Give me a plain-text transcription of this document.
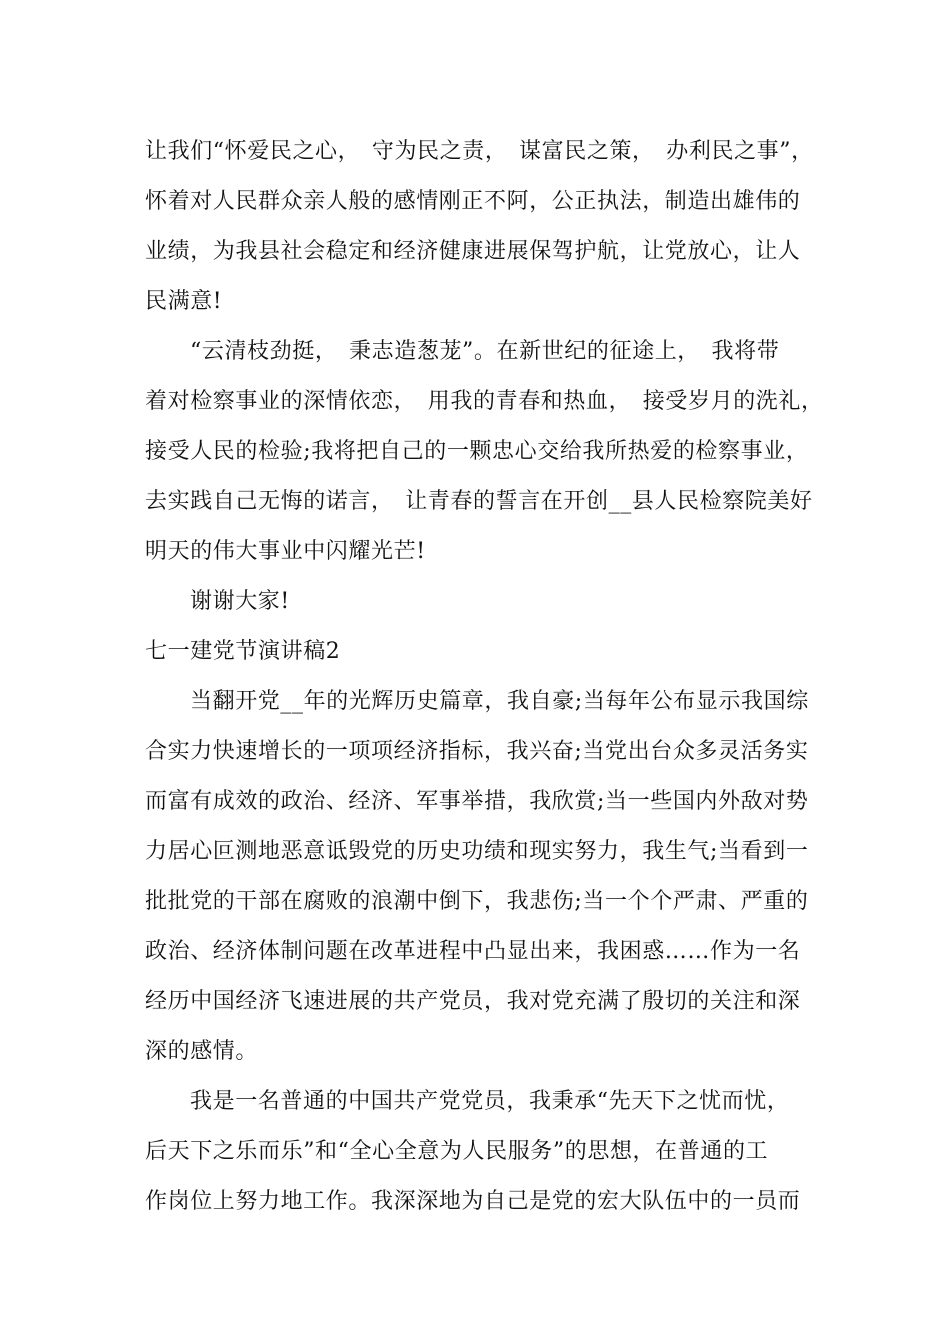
让我们“怀爱民之心，　守为民之责，　谋富民之策，　办利民之事”，
怀着对人民群众亲人般的感情刚正不阿，公正执法，制造出雄伟的
业绩，为我县社会稳定和经济健康进展保驾护航，让党放心，让人
民满意!
“云清枝劲挺，　秉志造葱茏”。在新世纪的征途上，　我将带
着对检察事业的深情依恋，　用我的青春和热血，　接受岁月的洗礼，
接受人民的检验;我将把自己的一颗忠心交给我所热爱的检察事业，
去实践自己无悔的诺言，　让青春的誓言在开创__县人民检察院美好
明天的伟大事业中闪耀光芒!
谢谢大家!
七一建党节演讲稿2
当翻开党__年的光辉历史篇章，我自豪;当每年公布显示我国综
合实力快速增长的一项项经济指标，我兴奋;当党出台众多灵活务实
而富有成效的政治、经济、军事举措，我欣赏;当一些国内外敌对势
力居心叵测地恶意诋毁党的历史功绩和现实努力，我生气;当看到一
批批党的干部在腐败的浪潮中倒下，我悲伤;当一个个严肃、严重的
政治、经济体制问题在改革进程中凸显出来，我困惑……作为一名
经历中国经济飞速进展的共产党员，我对党充满了殷切的关注和深
深的感情。
我是一名普通的中国共产党党员，我秉承“先天下之忧而忧，
后天下之乐而乐”和“全心全意为人民服务”的思想，在普通的工
作岗位上努力地工作。我深深地为自己是党的宏大队伍中的一员而
